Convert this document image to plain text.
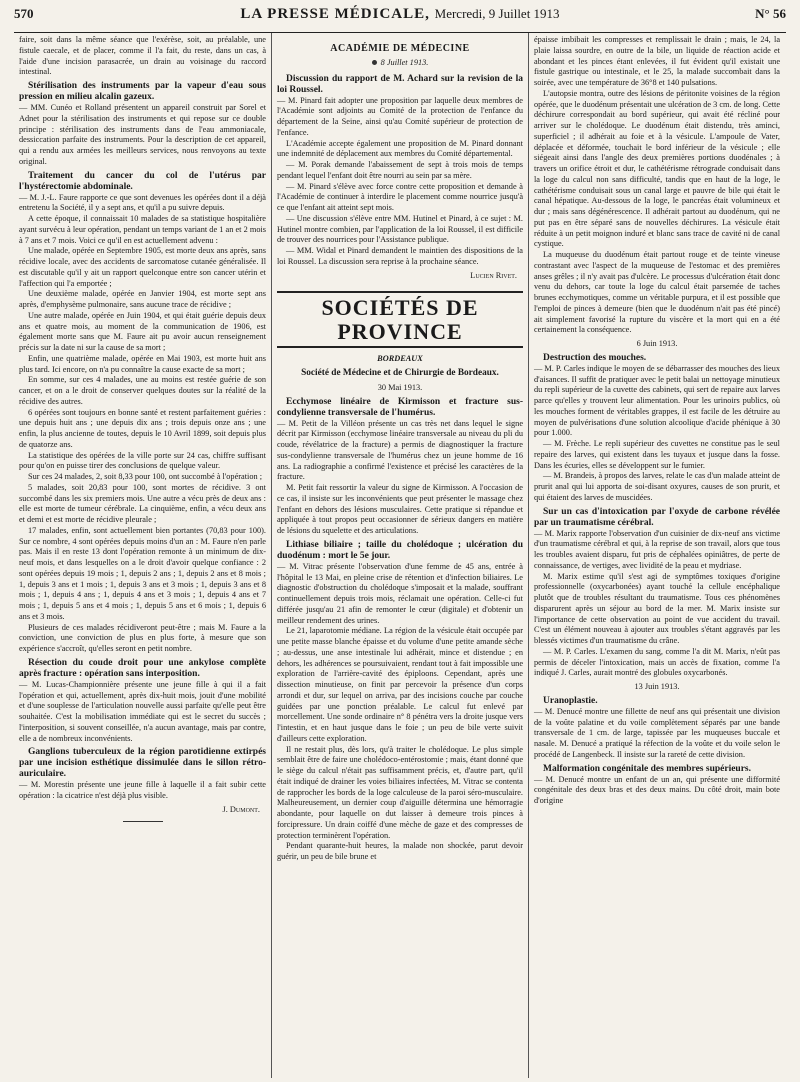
570	LA PRESSE MÉDICALE, Mercredi, 9 Juillet 1913	N° 56

faire, soit dans la même séance que l'exérèse, soit, au préalable, une fistule caecale, et de placer, comme il l'a fait, du reste, dans un cas, à l'aide d'une incision parasacrée, un drain au voisinage du raccord intestinal.

Stérilisation des instruments par la vapeur d'eau sous pression en milieu alcalin gazeux.

— MM. Cunéo et Rolland présentent un appareil construit par Sorel et Adnet pour la stérilisation des instruments et qui repose sur ce double principe : stérilisation des instruments dans de l'eau ammoniacale, dessiccation parfaite des instruments. Pour la description de cet appareil, qui a rendu aux armées les meilleurs services, nous renvoyons au texte original.

Traitement du cancer du col de l'utérus par l'hystérectomie abdominale.

— M. J.-L. Faure rapporte ce que sont devenues les opérées dont il a déjà entretenu la Société, il y a sept ans, et qu'il a pu suivre depuis.

A cette époque, il connaissait 10 malades de sa statistique hospitalière ayant survécu à leur opération, pendant un temps variant de 1 an et 2 mois à 7 ans et 7 mois. Voici ce qu'il en est actuellement advenu :

Une malade, opérée en Septembre 1905, est morte deux ans après, sans récidive locale, avec des accidents de sarcomatose cutanée généralisée. Il est discutable qu'il y ait un rapport quelconque entre son cancer utérin et l'affection qui l'a emportée ;

Une deuxième malade, opérée en Janvier 1904, est morte sept ans après, d'emphysème pulmonaire, sans aucune trace de récidive ;

Une autre malade, opérée en Juin 1904, et qui était guérie depuis deux ans et quatre mois, au moment de la communication de 1906, est également morte sans que M. Faure ait pu avoir aucun renseignement précis sur la date ni sur la cause de sa mort ;

Enfin, une quatrième malade, opérée en Mai 1903, est morte huit ans plus tard. Ici encore, on n'a pu connaître la cause exacte de sa mort ;

En somme, sur ces 4 malades, une au moins est restée guérie de son cancer, et on a le droit de conserver quelques doutes sur la réalité de la récidive des autres.

6 opérées sont toujours en bonne santé et restent parfaitement guéries : une depuis huit ans ; une depuis dix ans ; trois depuis onze ans ; une enfin, la plus ancienne de toutes, depuis le 10 Avril 1899, soit depuis plus de quatorze ans.

La statistique des opérées de la ville porte sur 24 cas, chiffre suffisant pour qu'on en puisse tirer des conclusions de quelque valeur.

Sur ces 24 malades, 2, soit 8,33 pour 100, ont succombé à l'opération ;

5 malades, soit 20,83 pour 100, sont mortes de récidive. 3 ont succombé dans les six premiers mois. Une autre a vécu près de deux ans : elle est morte de tumeur cérébrale. La cinquième, enfin, a vécu deux ans et demi et est morte de récidive pleurale ;

17 malades, enfin, sont actuellement bien portantes (70,83 pour 100). Sur ce nombre, 4 sont opérées depuis moins d'un an : M. Faure n'en parle pas. Mais il en reste 13 dont l'opération remonte à un minimum de dix-neuf mois, et dans lesquelles on a le droit d'avoir quelque confiance : 2 sont opérées depuis 19 mois ; 1, depuis 2 ans ; 1, depuis 2 ans et 8 mois ; 1, depuis 3 ans et 1 mois ; 1, depuis 3 ans et 3 mois ; 1, depuis 3 ans et 8 mois ; 1, depuis 4 ans ; 1, depuis 4 ans et 3 mois ; 1, depuis 4 ans et 7 mois ; 1, depuis 5 ans et 4 mois ; 1, depuis 5 ans et 6 mois ; 1, depuis 6 ans et 3 mois.

Plusieurs de ces malades récidiveront peut-être ; mais M. Faure a la conviction, une conviction de plus en plus forte, à mesure que son expérience s'accroît, qu'elles seront en petit nombre.

Résection du coude droit pour une ankylose complète après fracture : opération sans interposition.

— M. Lucas-Championnière présente une jeune fille à qui il a fait l'opération et qui, actuellement, après dix-huit mois, jouit d'une mobilité et d'une souplesse de l'articulation nouvelle aussi parfaite qu'elle peut être souhaitée. C'est la mobilisation immédiate qui est le secret du succès ; l'interposition, si souvent conseillée, n'a aucun avantage, mais par contre, elle a de nombreux inconvénients.

Ganglions tuberculeux de la région parotidienne extirpés par une incision esthétique dissimulée dans le sillon rétro-auriculaire.

— M. Morestin présente une jeune fille à laquelle il a fait subir cette opération : la cicatrice n'est déjà plus visible.

J. Dumont.
ACADÉMIE DE MÉDECINE
8 Juillet 1913.
Discussion du rapport de M. Achard sur la revision de la loi Roussel.

— M. Pinard fait adopter une proposition par laquelle deux membres de l'Académie sont adjoints au Comité de la protection de l'enfance du département de la Seine, ainsi qu'au Comité supérieur de protection de l'enfance.

L'Académie accepte également une proposition de M. Pinard donnant une indemnité de déplacement aux membres du Comité départemental.

— M. Porak demande l'abaissement de sept à trois mois de temps pendant lequel l'enfant doit être nourri au sein par sa mère.

— M. Pinard s'élève avec force contre cette proposition et demande à l'Académie de continuer à interdire le placement comme nourrice jusqu'à ce que l'enfant ait atteint sept mois.

— Une discussion s'élève entre MM. Hutinel et Pinard, à ce sujet : M. Hutinel montre combien, par l'application de la loi Roussel, il est difficile de trouver des nourrices pour l'Assistance publique.

— MM. Widal et Pinard demandent le maintien des dispositions de la loi Roussel. La discussion sera reprise à la prochaine séance.

Lucien Rivet.
SOCIÉTÉS DE PROVINCE
BORDEAUX
Société de Médecine et de Chirurgie de Bordeaux.
30 Mai 1913.
Ecchymose linéaire de Kirmisson et fracture sus-condylienne transversale de l'humérus.

— M. Petit de la Villéon présente un cas très net dans lequel le signe décrit par Kirmisson (ecchymose linéaire transversale au niveau du pli du coude, révélatrice de la fracture) a permis de diagnostiquer la fracture sus-condylienne transversale de l'humérus chez un jeune homme de 16 ans. La radiographie a confirmé l'existence et précisé les caractères de la fracture.

M. Petit fait ressortir la valeur du signe de Kirmisson. A l'occasion de ce cas, il insiste sur les inconvénients que peut présenter le massage chez l'enfant en dehors des lésions musculaires. Cette pratique si répandue et appliquée à tout propos peut occasionner de sérieux dangers en matière de lésions du squelette et des articulations.

Lithiase biliaire ; taille du cholédoque ; ulcération du duodénum : mort le 5e jour.

— M. Vitrac présente l'observation d'une femme de 45 ans, entrée à l'hôpital le 13 Mai, en pleine crise de rétention et d'infection biliaires. Le diagnostic d'obstruction du cholédoque s'imposait et la malade, souffrant continuellement depuis trois mois, réclamait une opération. Celle-ci fut différée jusqu'au 21 afin de remonter le cœur (digitale) et d'obtenir un meilleur rendement des urines.

Le 21, laparotomie médiane. La région de la vésicule était occupée par une petite masse blanche épaisse et du volume d'une petite amande sèche ; au-dessus, une anse intestinale lui adhérait, mince et distendue ; en dehors, les adhérences se poursuivaient, rendant tout à fait impossible une exploration de l'arrière-cavité des épiploons. Cependant, après une dissection minutieuse, on finit par percevoir la présence d'un corps arrondi et dur, sur lequel on arriva, par des incisions couche par couche guidées par une ponction préalable. Le calcul fut enlevé par morcellement. Une sonde ordinaire n° 8 pénétra vers la droite jusque vers l'intestin, et en haut jusque dans le foie ; un peu de bile verte suivit d'ailleurs cette exploration.

Il ne restait plus, dès lors, qu'à traiter le cholédoque. Le plus simple semblait être de faire une cholédoco-entérostomie ; mais, étant donné que le siège du calcul n'était pas suffisamment précis, et, d'autre part, qu'il était indiqué de drainer les voies biliaires infectées, M. Vitrac se contenta de rapprocher les bords de la loge calculeuse de la paroi séro-musculaire. Malheureusement, un dernier coup d'aiguille détermina une hémorragie abondante, pour laquelle on dut laisser à demeure trois pinces à forcipressure. Un drain coiffé d'une mèche de gaze et des compresses de protection terminèrent l'opération.

Pendant quarante-huit heures, la malade non shockée, parut devoir guérir, un peu de bile brune et

épaisse imbibait les compresses et remplissait le drain ; mais, le 24, la plaie laissa sourdre, en outre de la bile, un liquide de réaction acide et abondant et les pinces étant enlevées, il fut évident qu'il existait une fistule gastrique ou intestinale, et le 25, la malade succombait dans la soirée, avec une température de 36°8 et 140 pulsations.

L'autopsie montra, outre des lésions de péritonite voisines de la région opérée, que le duodénum présentait une ulcération de 3 cm. de long. Cette déchirure correspondait au bord supérieur, qui avait été récliné pour arriver sur le cholédoque. Le duodénum était distendu, très aminci, superficiel ; il adhérait au foie et à la vésicule. L'ampoule de Vater, déplacée et déformée, touchait le bord inférieur de la vésicule ; elle siégeait ainsi dans l'angle des deux premières portions duodénales ; à travers un orifice étroit et dur, le cathétérisme rétrograde conduisait dans la loge du calcul non sans difficulté, tandis que en haut de la loge, le cathétérisme conduisait sous un canal large et pauvre de bile qui était le canal hépatique. Au-dessous de la loge, le pancréas était volumineux et dur ; mais sans dégénérescence. Il adhérait partout au duodénum, qui ne put pas en être séparé sans de nouvelles déchirures. La vésicule était réduite à un petit moignon induré et blanc sans trace de cavité ni de canal cystique.

La muqueuse du duodénum était partout rouge et de teinte vineuse contrastant avec l'aspect de la muqueuse de l'estomac et des premières anses grêles ; il n'y avait pas d'ulcère. Le processus d'ulcération était donc venu du dehors, car toute la loge du calcul était parsemée de taches brunes ecchymotiques, comme un véritable purpura, et il est possible que l'emploi de pinces à demeure (bien que le duodénum n'ait pas été pincé) ait simplement favorisé la rupture du viscère et la mort qui en a été certainement la conséquence.

6 Juin 1913.
Destruction des mouches.

— M. P. Carles indique le moyen de se débarrasser des mouches des lieux d'aisances. Il suffit de pratiquer avec le petit balai un nettoyage minutieux du repli supérieur de la cuvette des cabinets, qui sert de repaire aux larves parce qu'elles y trouvent leur alimentation. Pour les urinoirs publics, où les mouches forment de véritables grappes, il est facile de les détruire au moyen de pulvérisations d'une solution alcoolique d'acide phénique à 30 pour 1.000.

— M. Frèche. Le repli supérieur des cuvettes ne constitue pas le seul repaire des larves, qui existent dans les tuyaux et jusque dans la fosse. Dans les écuries, elles se développent sur le fumier.

— M. Brandeis, à propos des larves, relate le cas d'un malade atteint de prurit anal qui lui apporta de soi-disant oxyures, causes de son prurit, et qui étaient des larves de muscidées.

Sur un cas d'intoxication par l'oxyde de carbone révélée par un traumatisme cérébral.

— M. Marix rapporte l'observation d'un cuisinier de dix-neuf ans victime d'un traumatisme cérébral et qui, à la reprise de son travail, alors que tous les troubles avaient disparu, fut pris de céphalées opiniâtres, de perte de connaissance, de vertiges, avec lividité de la peau et mydriase.

M. Marix estime qu'il s'est agi de symptômes toxiques d'origine professionnelle (oxycarbonées) ayant touché la cellule encéphalique plutôt que de troubles résultant du traumatisme. Tous ces phénomènes disparurent après un séjour au bord de la mer. M. Marix insiste sur l'importance de cette observation au point de vue accident du travail. C'est un élément nouveau à ajouter aux troubles s'étant aggravés par les blessés victimes d'un traumatisme du crâne.

— M. P. Carles. L'examen du sang, comme l'a dit M. Marix, n'eût pas permis de déceler l'intoxication, mais un accès de fixation, comme l'a indiqué J. Carles, aurait montré des globules oxycarbonés.

13 Juin 1913.
Uranoplastie.

— M. Denucé montre une fillette de neuf ans qui présentait une division de la voûte palatine et du voile complètement séparés par une bande transversale de 1 cm. de large, tapissée par les muqueuses buccale et nasale. M. Denucé a pratiqué la réfection de la voûte et du voile selon le procédé de Langenbeck. Il insiste sur la rareté de cette division.

Malformation congénitale des membres supérieurs.

— M. Denucé montre un enfant de un an, qui présente une difformité congénitale des deux bras et des deux mains. Du côté droit, main bote d'origine
